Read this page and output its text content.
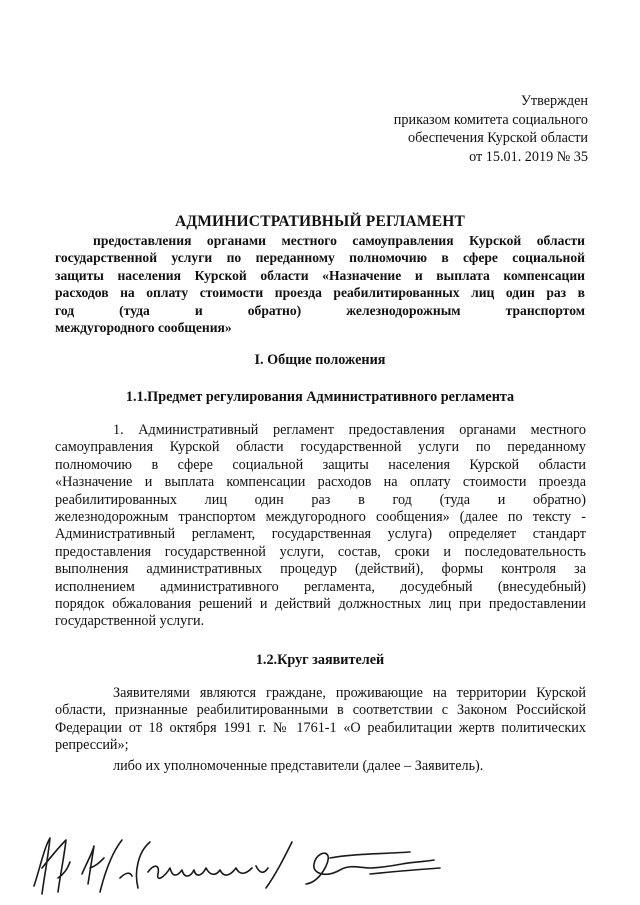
Утвержден
приказом комитета социального
обеспечения Курской области
от 15.01. 2019 № 35
АДМИНИСТРАТИВНЫЙ РЕГЛАМЕНТ
предоставления органами местного самоуправления Курской области
государственной услуги по переданному полномочию в сфере социальной
защиты населения Курской области «Назначение и выплата компенсации
расходов на оплату стоимости проезда реабилитированных лиц один раз в
год (туда и обратно) железнодорожным транспортом
междугородного сообщения»
I. Общие положения
1.1.Предмет регулирования Административного регламента
1. Административный регламент предоставления органами местного
самоуправления Курской области государственной услуги по переданному
полномочию в сфере социальной защиты населения Курской области
«Назначение и выплата компенсации расходов на оплату стоимости проезда
реабилитированных лиц один раз в год (туда и обратно)
железнодорожным транспортом междугородного сообщения» (далее по тексту -
Административный регламент, государственная услуга) определяет стандарт
предоставления государственной услуги, состав, сроки и последовательность
выполнения административных процедур (действий), формы контроля за
исполнением административного регламента, досудебный (внесудебный)
порядок обжалования решений и действий должностных лиц при предоставлении
государственной услуги.
1.2.Круг заявителей
Заявителями являются граждане, проживающие на территории Курской
области, признанные реабилитированными в соответствии с Законом Российской
Федерации от 18 октября 1991 г. № 1761-1 «О реабилитации жертв политических
репрессий»;
либо их уполномоченные представители (далее – Заявитель).
